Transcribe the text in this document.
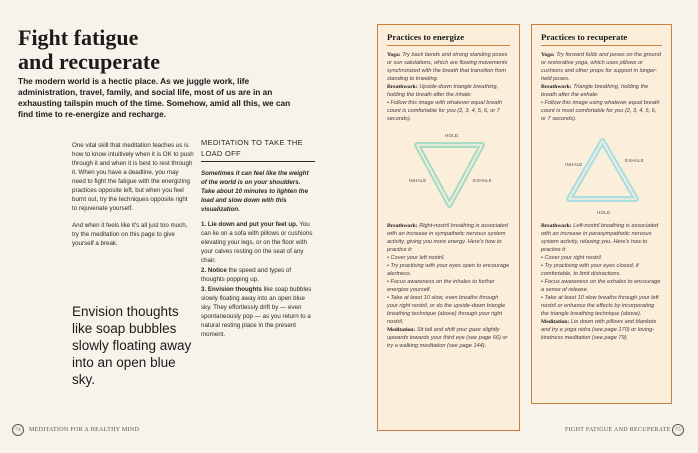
Fight fatigue
and recuperate
The modern world is a hectic place. As we juggle work, life administration, travel, family, and social life, most of us are in an exhausting tailspin much of the time. Somehow, amid all this, we can find time to re-energize and recharge.

One vital skill that meditation teaches us is how to know intuitively when it is OK to push through it and when it is best to rest through it. When you have a deadline, you may need to fight the fatigue with the energizing practices opposite left, but when you feel burnt out, try the techniques opposite right to rejuvenate yourself.

And when it feels like it's all just too much, try the meditation on this page to give yourself a break.

Envision thoughts like soap bubbles slowly floating away into an open blue sky.
MEDITATION TO TAKE THE LOAD OFF
Sometimes it can feel like the weight of the world is on your shoulders. Take about 10 minutes to lighten the load and slow down with this visualization.

1. Lie down and put your feet up. You can lie on a sofa with pillows or cushions elevating your legs, or on the floor with your calves resting on the seat of any chair.

2. Notice the speed and types of thoughts popping up.

3. Envision thoughts like soap bubbles slowly floating away into an open blue sky. They effortlessly drift by — even spontaneously pop — as you return to a natural resting place in the present moment.

Practices to energize

Yoga: Try back bends and strong standing poses or sun salutations, which are flowing movements synchronized with the breath that transition from standing to kneeling.

Breathwork: Upside-down triangle breathing, holding the breath after the inhale:

• Follow this image with whatever equal breath count is comfortable for you (2, 3, 4, 5, 6, or 7 seconds).

HOLD
INHALE	EXHALE

Breathwork: Right-nostril breathing is associated with an increase in sympathetic nervous system activity, giving you more energy. Here's how to practice it:

• Cover your left nostril.

• Try practising with your eyes open to encourage alertness.

• Focus awareness on the inhales to further energize yourself.

• Take at least 10 slow, even breaths through your right nostril, or do the upside-down triangle breathing technique (above) through your right nostril.

Meditation: Sit tall and shift your gaze slightly upwards towards your third eye (see page 66) or try a walking meditation (see page 144).

Practices to recuperate

Yoga: Try forward folds and poses on the ground or restorative yoga, which uses pillows or cushions and other props for support in longer-held poses.

Breathwork: Triangle breathing, holding the breath after the exhale:

• Follow this image using whatever equal breath count is most comfortable for you (2, 3, 4, 5, 6, or 7 seconds).

INHALE
EXHALE
HOLD

Breathwork: Left-nostril breathing is associated with an increase in parasympathetic nervous system activity, relaxing you. Here's how to practise it:

• Cover your right nostril.

• Try practising with your eyes closed, if comfortable, to limit distractions.

• Focus awareness on the exhales to encourage a sense of release.

• Take at least 10 slow breaths through your left nostril or enhance the effects by incorporating the triangle breathing technique (above).

Meditation: Lie down with pillows and blankets and try a yoga nidra (see page 170) or loving-kindness meditation (see page 79).

74	MEDITATION FOR A HEALTHY MIND	FIGHT FATIGUE AND RECUPERATE 75
